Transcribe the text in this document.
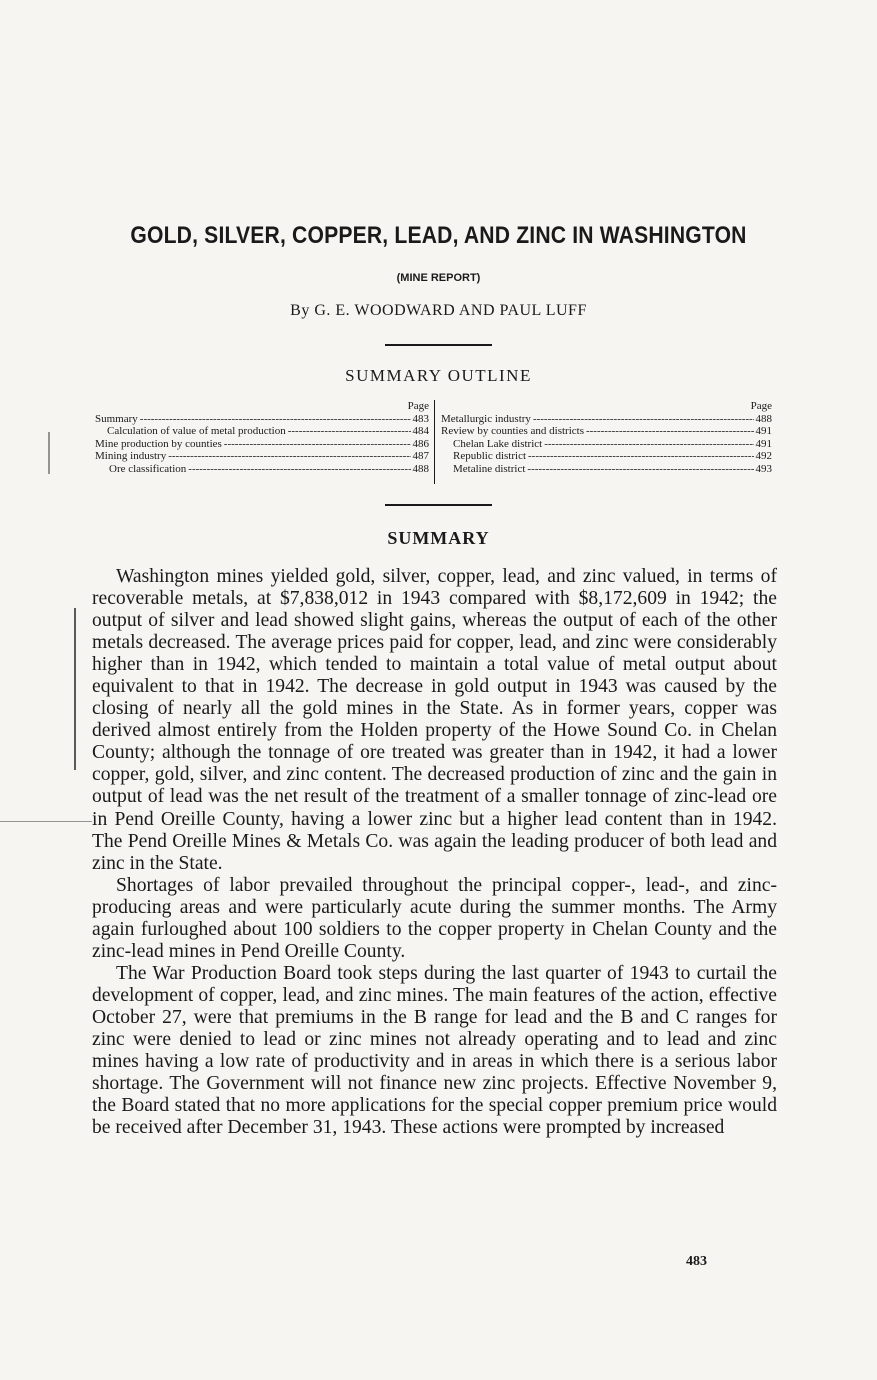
GOLD, SILVER, COPPER, LEAD, AND ZINC IN WASHINGTON
(MINE REPORT)
By G. E. WOODWARD AND PAUL LUFF
SUMMARY OUTLINE
Page
Summary -----	483
Calculation of value of metal production -----	484
Mine production by counties -----	486
Mining industry -----	487
Ore classification -----	488
Page
Metallurgic industry -----	488
Review by counties and districts -----	491
Chelan Lake district -----	491
Republic district -----	492
Metaline district -----	493
SUMMARY

Washington mines yielded gold, silver, copper, lead, and zinc valued, in terms of recoverable metals, at $7,838,012 in 1943 compared with $8,172,609 in 1942; the output of silver and lead showed slight gains, whereas the output of each of the other metals decreased. The average prices paid for copper, lead, and zinc were considerably higher than in 1942, which tended to maintain a total value of metal output about equivalent to that in 1942. The decrease in gold output in 1943 was caused by the closing of nearly all the gold mines in the State. As in former years, copper was derived almost entirely from the Holden property of the Howe Sound Co. in Chelan County; although the tonnage of ore treated was greater than in 1942, it had a lower copper, gold, silver, and zinc content. The decreased production of zinc and the gain in output of lead was the net result of the treatment of a smaller tonnage of zinc-lead ore in Pend Oreille County, having a lower zinc but a higher lead content than in 1942. The Pend Oreille Mines & Metals Co. was again the leading producer of both lead and zinc in the State.

Shortages of labor prevailed throughout the principal copper-, lead-, and zinc-producing areas and were particularly acute during the summer months. The Army again furloughed about 100 soldiers to the copper property in Chelan County and the zinc-lead mines in Pend Oreille County.

The War Production Board took steps during the last quarter of 1943 to curtail the development of copper, lead, and zinc mines. The main features of the action, effective October 27, were that premiums in the B range for lead and the B and C ranges for zinc were denied to lead or zinc mines not already operating and to lead and zinc mines having a low rate of productivity and in areas in which there is a serious labor shortage. The Government will not finance new zinc projects. Effective November 9, the Board stated that no more applications for the special copper premium price would be received after December 31, 1943. These actions were prompted by increased

483
